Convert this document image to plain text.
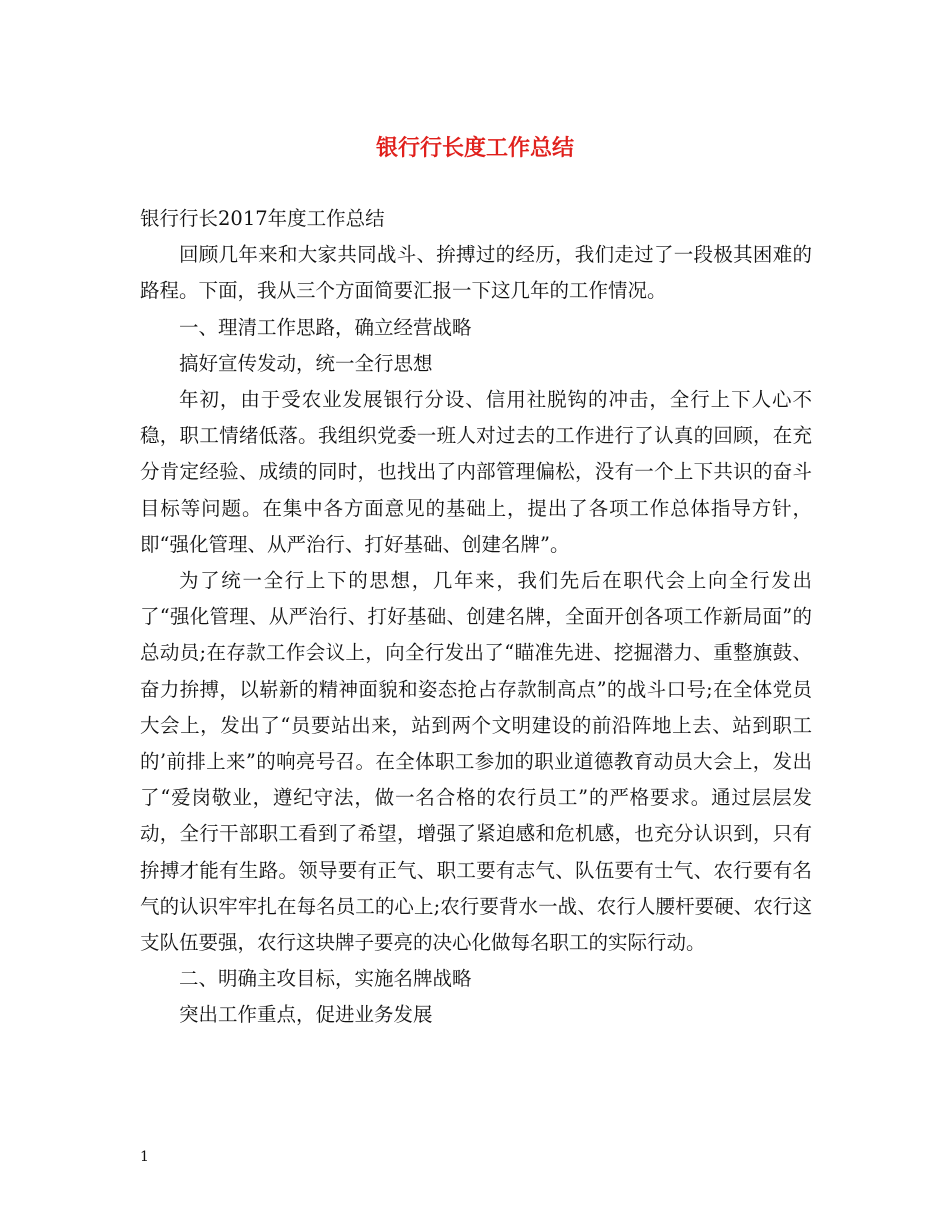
银行行长度工作总结

银行行长2017年度工作总结

回顾几年来和大家共同战斗、拚搏过的经历，我们走过了一段极其困难的路程。下面，我从三个方面简要汇报一下这几年的工作情况。

一、理清工作思路，确立经营战略

搞好宣传发动，统一全行思想

年初，由于受农业发展银行分设、信用社脱钩的冲击，全行上下人心不稳，职工情绪低落。我组织党委一班人对过去的工作进行了认真的回顾，在充分肯定经验、成绩的同时，也找出了内部管理偏松，没有一个上下共识的奋斗目标等问题。在集中各方面意见的基础上，提出了各项工作总体指导方针，即“强化管理、从严治行、打好基础、创建名牌”。

为了统一全行上下的思想，几年来，我们先后在职代会上向全行发出了“强化管理、从严治行、打好基础、创建名牌，全面开创各项工作新局面”的总动员;在存款工作会议上，向全行发出了“瞄准先进、挖掘潜力、重整旗鼓、奋力拚搏，以崭新的精神面貌和姿态抢占存款制高点”的战斗口号;在全体党员大会上，发出了“员要站出来，站到两个文明建设的前沿阵地上去、站到职工的’前排上来”的响亮号召。在全体职工参加的职业道德教育动员大会上，发出了“爱岗敬业，遵纪守法，做一名合格的农行员工”的严格要求。通过层层发动，全行干部职工看到了希望，增强了紧迫感和危机感，也充分认识到，只有拚搏才能有生路。领导要有正气、职工要有志气、队伍要有士气、农行要有名气的认识牢牢扎在每名员工的心上;农行要背水一战、农行人腰杆要硬、农行这支队伍要强，农行这块牌子要亮的决心化做每名职工的实际行动。

二、明确主攻目标，实施名牌战略

突出工作重点，促进业务发展

1
